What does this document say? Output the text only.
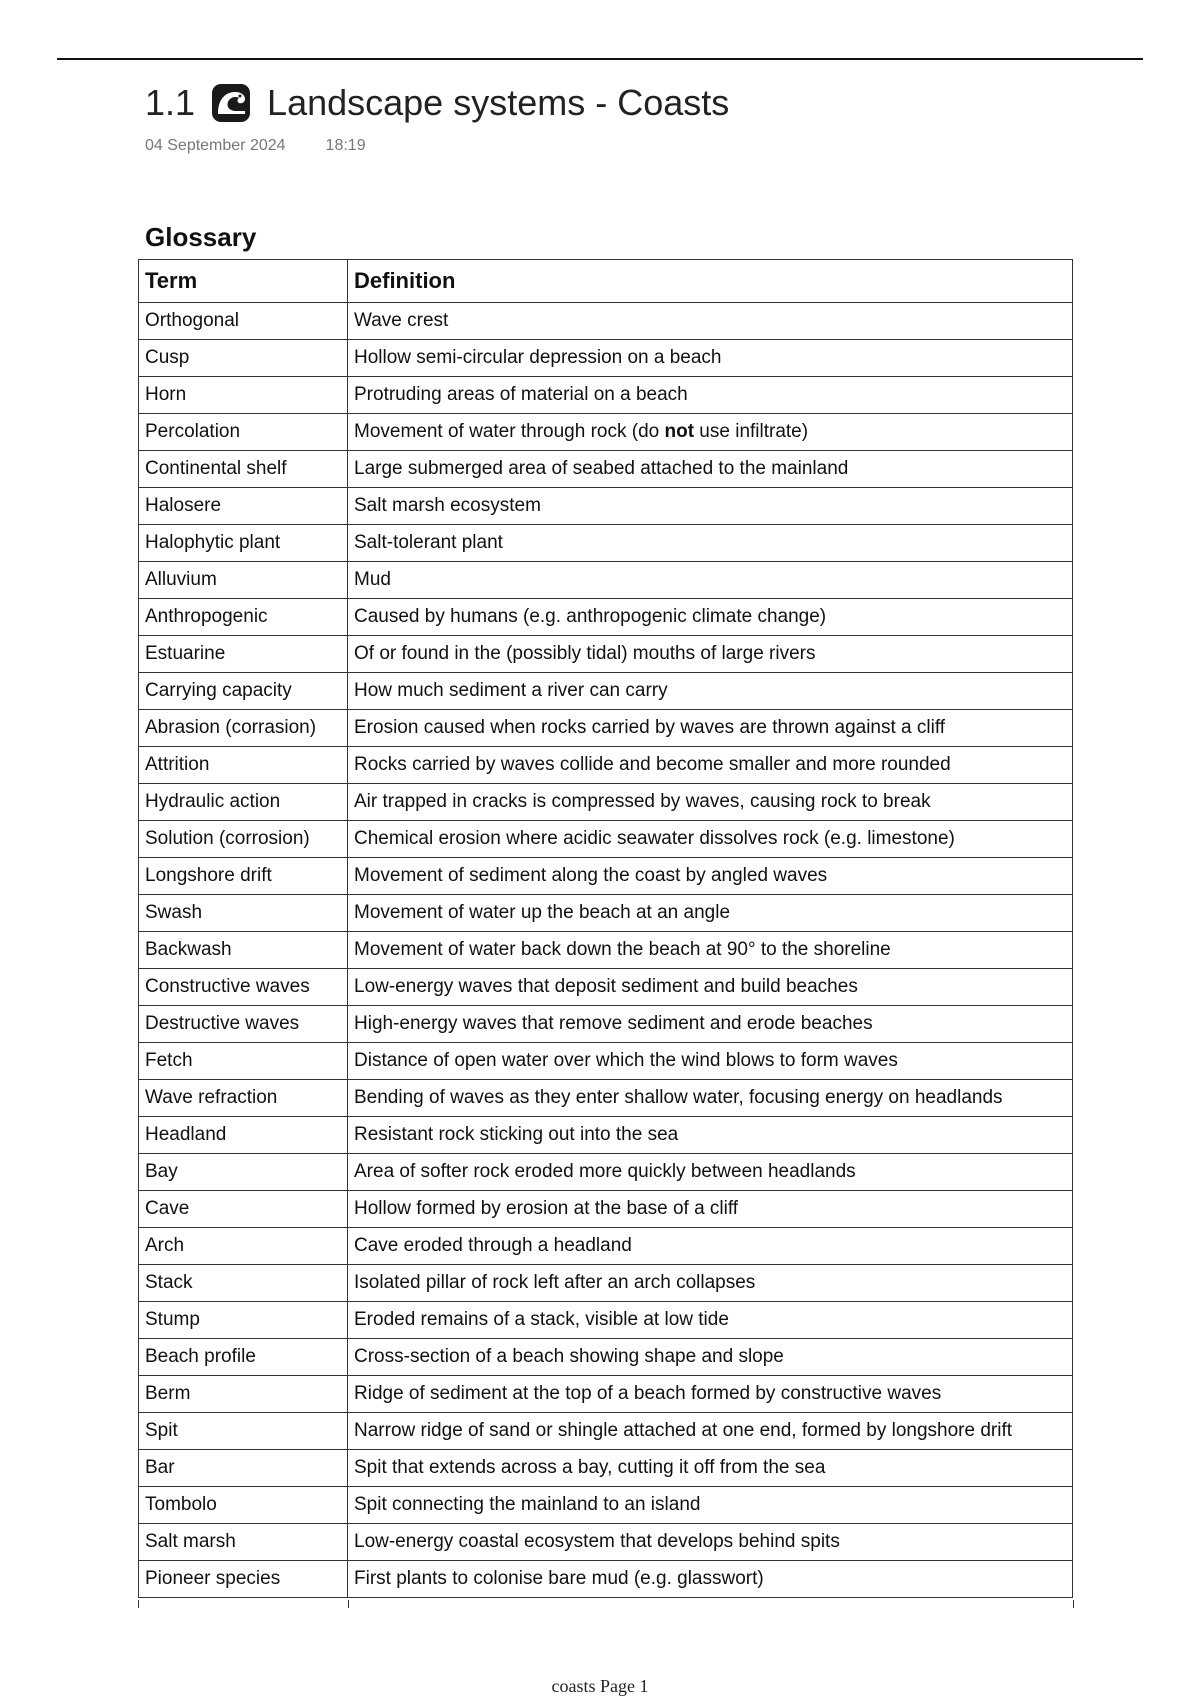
1.1 Landscape systems - Coasts
04 September 2024	18:19
Glossary
Term	Definition
Orthogonal	Wave crest
Cusp	Hollow semi-circular depression on a beach
Horn	Protruding areas of material on a beach
Percolation	Movement of water through rock (do not use infiltrate)
Continental shelf	Large submerged area of seabed attached to the mainland
Halosere	Salt marsh ecosystem
Halophytic plant	Salt-tolerant plant
Alluvium	Mud
Anthropogenic	Caused by humans (e.g. anthropogenic climate change)
Estuarine	Of or found in the (possibly tidal) mouths of large rivers
Carrying capacity	How much sediment a river can carry
Abrasion (corrasion)	Erosion caused when rocks carried by waves are thrown against a cliff
Attrition	Rocks carried by waves collide and become smaller and more rounded
Hydraulic action	Air trapped in cracks is compressed by waves, causing rock to break
Solution (corrosion)	Chemical erosion where acidic seawater dissolves rock (e.g. limestone)
Longshore drift	Movement of sediment along the coast by angled waves
Swash	Movement of water up the beach at an angle
Backwash	Movement of water back down the beach at 90° to the shoreline
Constructive waves	Low-energy waves that deposit sediment and build beaches
Destructive waves	High-energy waves that remove sediment and erode beaches
Fetch	Distance of open water over which the wind blows to form waves
Wave refraction	Bending of waves as they enter shallow water, focusing energy on headlands
Headland	Resistant rock sticking out into the sea
Bay	Area of softer rock eroded more quickly between headlands
Cave	Hollow formed by erosion at the base of a cliff
Arch	Cave eroded through a headland
Stack	Isolated pillar of rock left after an arch collapses
Stump	Eroded remains of a stack, visible at low tide
Beach profile	Cross-section of a beach showing shape and slope
Berm	Ridge of sediment at the top of a beach formed by constructive waves
Spit	Narrow ridge of sand or shingle attached at one end, formed by longshore drift
Bar	Spit that extends across a bay, cutting it off from the sea
Tombolo	Spit connecting the mainland to an island
Salt marsh	Low-energy coastal ecosystem that develops behind spits
Pioneer species	First plants to colonise bare mud (e.g. glasswort)
coasts Page 1
